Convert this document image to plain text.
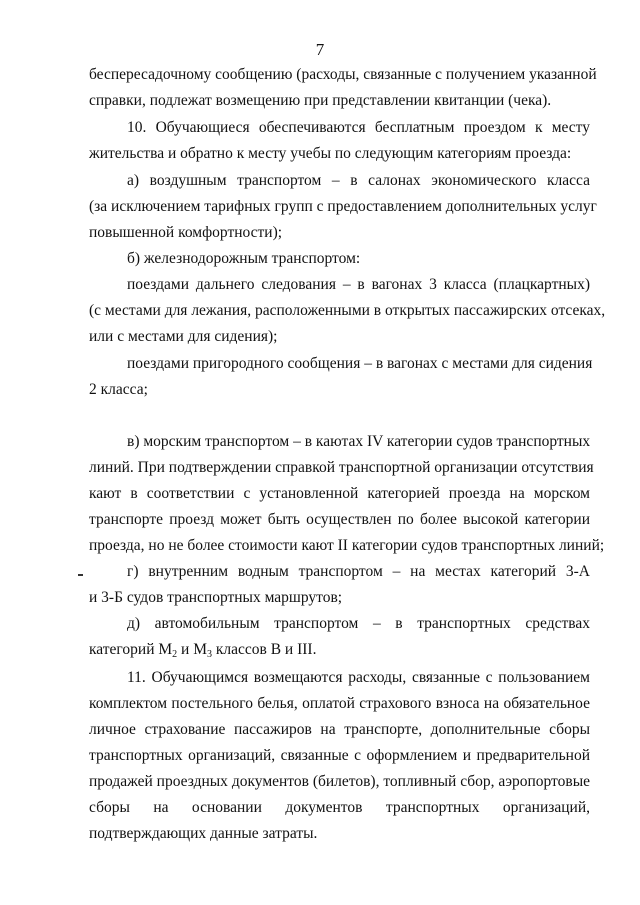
7
беспересадочному сообщению (расходы, связанные с получением указанной
справки, подлежат возмещению при представлении квитанции (чека).
10. Обучающиеся обеспечиваются бесплатным проездом к месту
жительства и обратно к месту учебы по следующим категориям проезда:
а) воздушным транспортом – в салонах экономического класса
(за исключением тарифных групп с предоставлением дополнительных услуг
повышенной комфортности);
б) железнодорожным транспортом:
поездами дальнего следования – в вагонах 3 класса (плацкартных)
(с местами для лежания, расположенными в открытых пассажирских отсеках,
или с местами для сидения);
поездами пригородного сообщения – в вагонах с местами для сидения
2 класса;
в) морским транспортом – в каютах IV категории судов транспортных
линий. При подтверждении справкой транспортной организации отсутствия
кают в соответствии с установленной категорией проезда на морском
транспорте проезд может быть осуществлен по более высокой категории
проезда, но не более стоимости кают II категории судов транспортных линий;
г) внутренним водным транспортом – на местах категорий 3-А
и 3-Б судов транспортных маршрутов;
д) автомобильным транспортом – в транспортных средствах
категорий $M_2$ и $M_3$ классов B и III.
11. Обучающимся возмещаются расходы, связанные с пользованием
комплектом постельного белья, оплатой страхового взноса на обязательное
личное страхование пассажиров на транспорте, дополнительные сборы
транспортных организаций, связанные с оформлением и предварительной
продажей проездных документов (билетов), топливный сбор, аэропортовые
сборы на основании документов транспортных организаций,
подтверждающих данные затраты.
